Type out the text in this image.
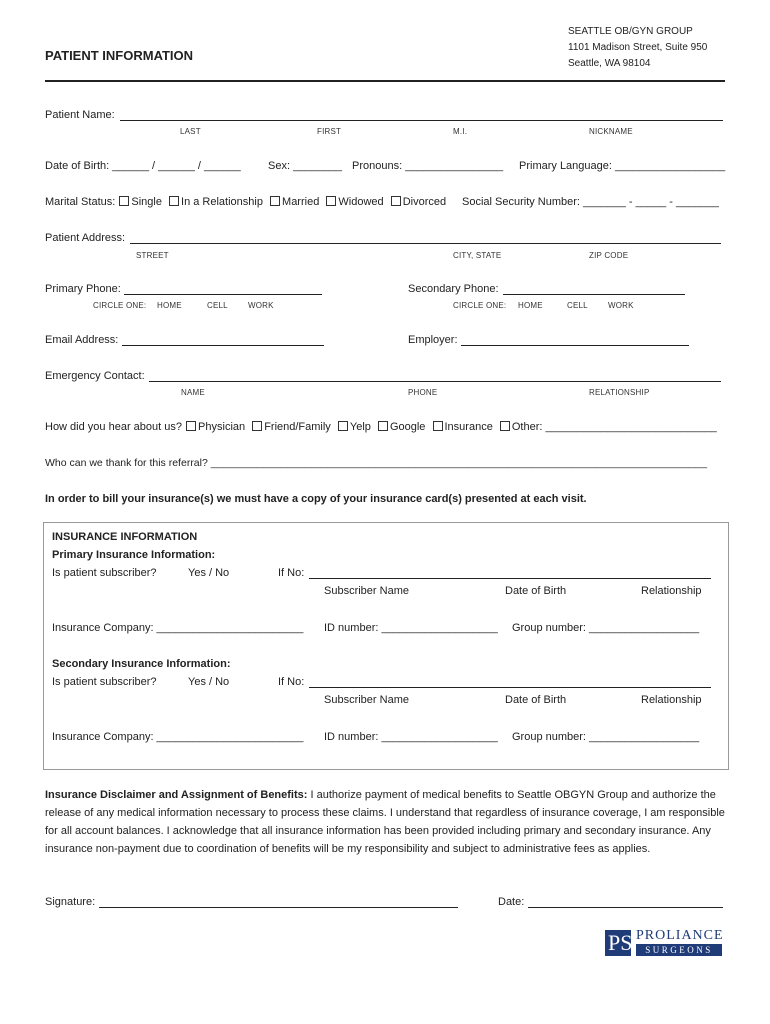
PATIENT INFORMATION
SEATTLE OB/GYN GROUP
1101 Madison Street, Suite 950
Seattle, WA 98104
Patient Name:
LAST	FIRST	M.I.	NICKNAME
Date of Birth: ______ / ______ / ______ Sex: ________ Pronouns: ________________ Primary Language: __________________
Marital Status: Single In a Relationship Married Widowed Divorced Social Security Number: _______ - _____ - _______
Patient Address:
STREET	CITY, STATE	ZIP CODE
Primary Phone:
CIRCLE ONE: HOME	CELL	WORK
Secondary Phone:
CIRCLE ONE: HOME	CELL	WORK
Email Address:	Employer:
Emergency Contact:
NAME	PHONE	RELATIONSHIP
How did you hear about us? Physician Friend/Family Yelp Google Insurance Other: ____________________________
Who can we thank for this referral? _____________________________________________________________________________________
In order to bill your insurance(s) we must have a copy of your insurance card(s) presented at each visit.
INSURANCE INFORMATION
Primary Insurance Information:
Is patient subscriber?	Yes / No	If No:
Subscriber Name	Date of Birth	Relationship
Insurance Company: ________________________ ID number: ___________________ Group number: __________________
Secondary Insurance Information:
Is patient subscriber?	Yes / No	If No:
Subscriber Name	Date of Birth	Relationship
Insurance Company: ________________________ ID number: ___________________ Group number: __________________
Insurance Disclaimer and Assignment of Benefits: I authorize payment of medical benefits to Seattle OBGYN Group and authorize the release of any medical information necessary to process these claims. I understand that regardless of insurance coverage, I am responsible for all account balances. I acknowledge that all insurance information has been provided including primary and secondary insurance. Any insurance non-payment due to coordination of benefits will be my responsibility and subject to administrative fees as applies.
Signature:	Date:
PS PROLIANCE
SURGEONS
